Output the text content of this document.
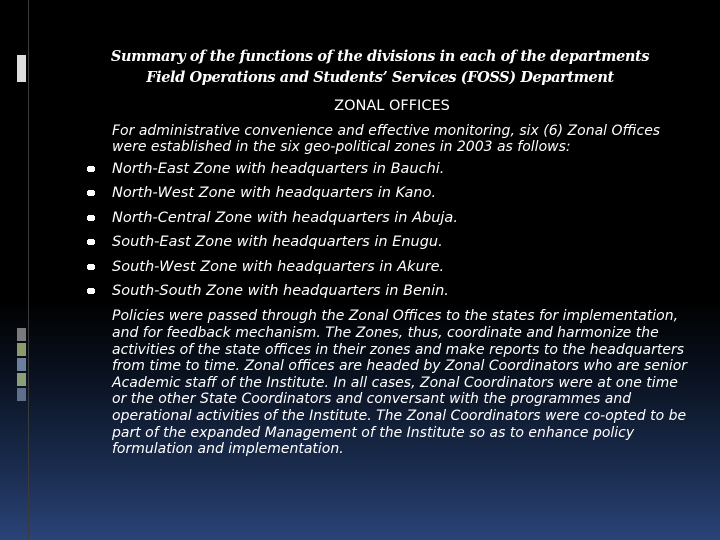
Summary of the functions of the divisions in each of the departments
Field Operations and Students’ Services (FOSS) Department
ZONAL OFFICES

For administrative convenience and effective monitoring, six (6) Zonal Offices were established in the six geo-political zones in 2003 as follows:

North-East Zone with headquarters in Bauchi.
North-West Zone with headquarters in Kano.
North-Central Zone with headquarters in Abuja.
South-East Zone with headquarters in Enugu.
South-West Zone with headquarters in Akure.
South-South Zone with headquarters in Benin.

Policies were passed through the Zonal Offices to the states for implementation, and for feedback mechanism. The Zones, thus, coordinate and harmonize the activities of the state offices in their zones and make reports to the headquarters from time to time. Zonal offices are headed by Zonal Coordinators who are senior Academic staff of the Institute. In all cases, Zonal Coordinators were at one time or the other State Coordinators and conversant with the programmes and operational activities of the Institute. The Zonal Coordinators were co-opted to be part of the expanded Management of the Institute so as to enhance policy formulation and implementation.
